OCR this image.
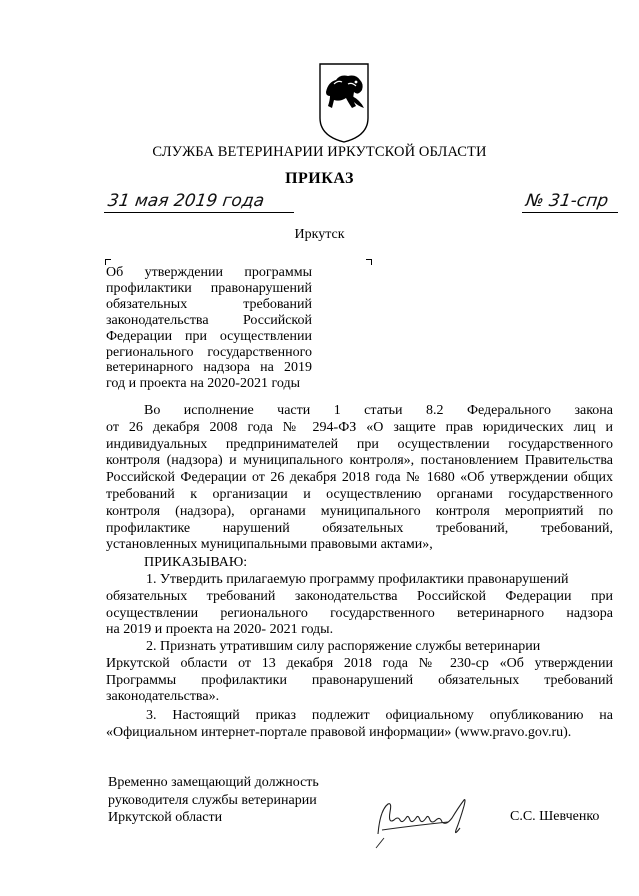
СЛУЖБА ВЕТЕРИНАРИИ ИРКУТСКОЙ ОБЛАСТИ
ПРИКАЗ
31 мая 2019 года	№ 31-спр
Иркутск
Об утверждении программы
профилактики правонарушений
обязательных требований
законодательства Российской
Федерации при осуществлении
регионального государственного
ветеринарного надзора на 2019
год и проекта на 2020-2021 годы
Во исполнение части 1 статьи 8.2 Федерального закона
от 26 декабря 2008 года № 294-ФЗ «О защите прав юридических лиц и
индивидуальных предпринимателей при осуществлении государственного
контроля (надзора) и муниципального контроля», постановлением Правительства
Российской Федерации от 26 декабря 2018 года № 1680 «Об утверждении общих
требований к организации и осуществлению органами государственного
контроля (надзора), органами муниципального контроля мероприятий по
профилактике нарушений обязательных требований, требований,
установленных муниципальными правовыми актами»,
ПРИКАЗЫВАЮ:
1. Утвердить прилагаемую программу профилактики правонарушений
обязательных требований законодательства Российской Федерации при
осуществлении регионального государственного ветеринарного надзора
на 2019 и проекта на 2020- 2021 годы.
2. Признать утратившим силу распоряжение службы ветеринарии
Иркутской области от 13 декабря 2018 года № 230-ср «Об утверждении
Программы профилактики правонарушений обязательных требований
законодательства».
3. Настоящий приказ подлежит официальному опубликованию на
«Официальном интернет-портале правовой информации» (www.pravo.gov.ru).
Временно замещающий должность
руководителя службы ветеринарии
Иркутской области	С.С. Шевченко
